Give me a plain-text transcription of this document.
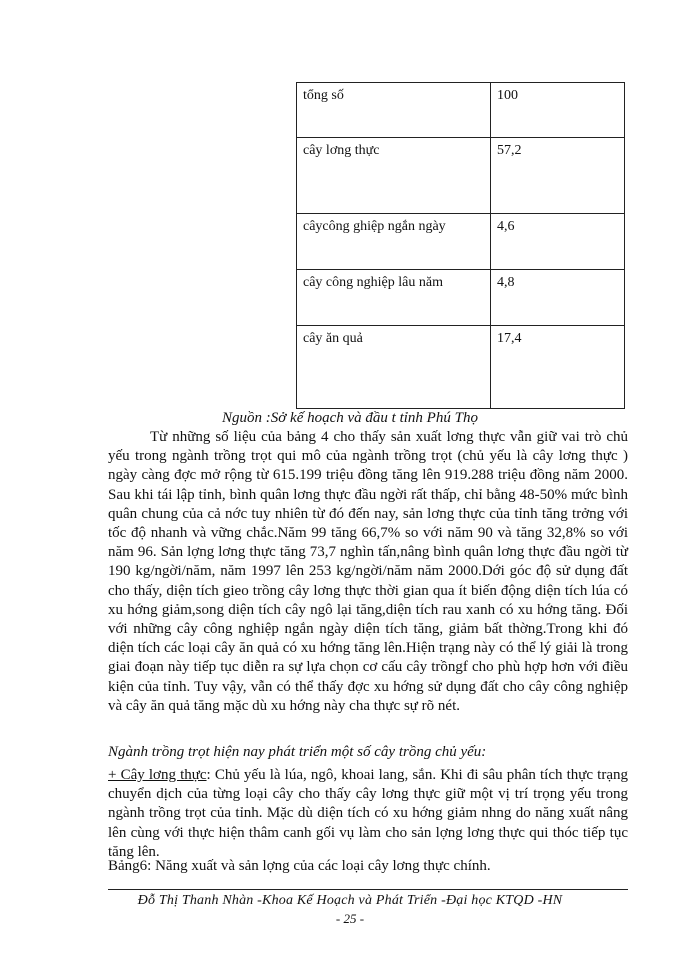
tổng số	100
cây lơng thực	57,2
câycông ghiệp ngắn ngày	4,6
cây công nghiệp lâu năm	4,8
cây ăn quả	17,4
Nguồn :Sở kế hoạch và đầu t tỉnh Phú Thọ

Từ những số liệu của bảng 4 cho thấy sản xuất lơng thực vẫn giữ vai trò chủ yếu trong ngành trồng trọt qui mô của ngành trồng trọt (chủ yếu là cây lơng thực ) ngày càng đợc mở rộng từ 615.199 triệu đồng tăng lên 919.288 triệu đồng năm 2000. Sau khi tái lập tỉnh, bình quân lơng thực đầu ngời rất thấp, chỉ bằng 48-50% mức bình quân chung của cả nớc tuy nhiên từ đó đến nay, sản lơng thực của tỉnh tăng trởng với tốc độ nhanh và vững chắc.Năm 99 tăng 66,7% so với năm 90 và tăng 32,8% so với năm 96. Sản lợng lơng thực tăng 73,7 nghìn tấn,nâng bình quân lơng thực đầu ngời từ 190 kg/ngời/năm, năm 1997 lên 253 kg/ngời/năm năm 2000.Dới góc độ sử dụng đất cho thấy, diện tích gieo trồng cây lơng thực thời gian qua ít biến động diện tích lúa có xu hớng giảm,song diện tích cây ngô lại tăng,diện tích rau xanh có xu hớng tăng. Đối với những cây công nghiệp ngắn ngày diện tích tăng, giảm bất thờng.Trong khi đó diện tích các loại cây ăn quả có xu hớng tăng lên.Hiện trạng này có thể lý giải là trong giai đoạn này tiếp tục diễn ra sự lựa chọn cơ cấu cây trồngf cho phù hợp hơn với điều kiện của tỉnh. Tuy vậy, vẫn có thể thấy đợc xu hớng sử dụng đất cho cây công nghiệp và cây ăn quả tăng mặc dù xu hớng này cha thực sự rõ nét.

Ngành trồng trọt hiện nay phát triển một số cây trồng chủ yếu:

+ Cây lơng thực: Chủ yếu là lúa, ngô, khoai lang, sắn. Khi đi sâu phân tích thực trạng chuyển dịch của từng loại cây cho thấy cây lơng thực giữ một vị trí trọng yếu trong ngành trồng trọt của tỉnh. Mặc dù diện tích có xu hớng giảm nhng do năng xuất nâng lên cùng với thực hiện thâm canh gối vụ làm cho sản lợng lơng thực qui thóc tiếp tục tăng lên.

Bảng6: Năng xuất và sản lợng của các loại cây lơng thực chính.

Đỗ Thị Thanh Nhàn -Khoa Kế Hoạch và Phát Triển -Đại học KTQD -HN
- 25 -
